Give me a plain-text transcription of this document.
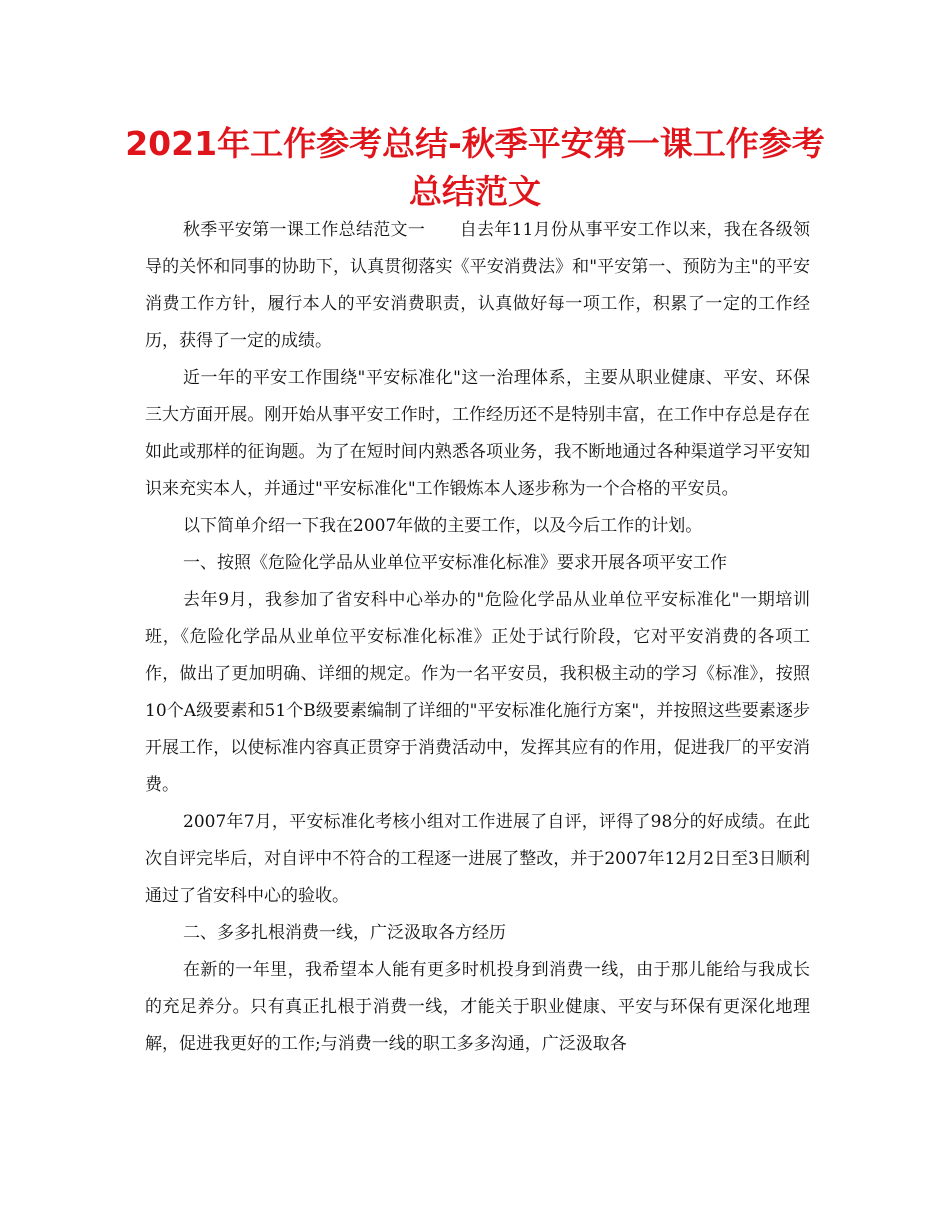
2021年工作参考总结-秋季平安第一课工作参考总结范文

秋季平安第一课工作总结范文一　　自去年11月份从事平安工作以来，我在各级领导的关怀和同事的协助下，认真贯彻落实《平安消费法》和"平安第一、预防为主"的平安消费工作方针，履行本人的平安消费职责，认真做好每一项工作，积累了一定的工作经历，获得了一定的成绩。

近一年的平安工作围绕"平安标准化"这一治理体系，主要从职业健康、平安、环保三大方面开展。刚开始从事平安工作时，工作经历还不是特别丰富，在工作中存总是存在如此或那样的征询题。为了在短时间内熟悉各项业务，我不断地通过各种渠道学习平安知识来充实本人，并通过"平安标准化"工作锻炼本人逐步称为一个合格的平安员。

以下简单介绍一下我在2007年做的主要工作，以及今后工作的计划。

一、按照《危险化学品从业单位平安标准化标准》要求开展各项平安工作

去年9月，我参加了省安科中心举办的"危险化学品从业单位平安标准化"一期培训班，《危险化学品从业单位平安标准化标准》正处于试行阶段，它对平安消费的各项工作，做出了更加明确、详细的规定。作为一名平安员，我积极主动的学习《标准》，按照10个A级要素和51个B级要素编制了详细的"平安标准化施行方案"，并按照这些要素逐步开展工作，以使标准内容真正贯穿于消费活动中，发挥其应有的作用，促进我厂的平安消费。

2007年7月，平安标准化考核小组对工作进展了自评，评得了98分的好成绩。在此次自评完毕后，对自评中不符合的工程逐一进展了整改，并于2007年12月2日至3日顺利通过了省安科中心的验收。

二、多多扎根消费一线，广泛汲取各方经历

在新的一年里，我希望本人能有更多时机投身到消费一线，由于那儿能给与我成长的充足养分。只有真正扎根于消费一线，才能关于职业健康、平安与环保有更深化地理解，促进我更好的工作;与消费一线的职工多多沟通，广泛汲取各
